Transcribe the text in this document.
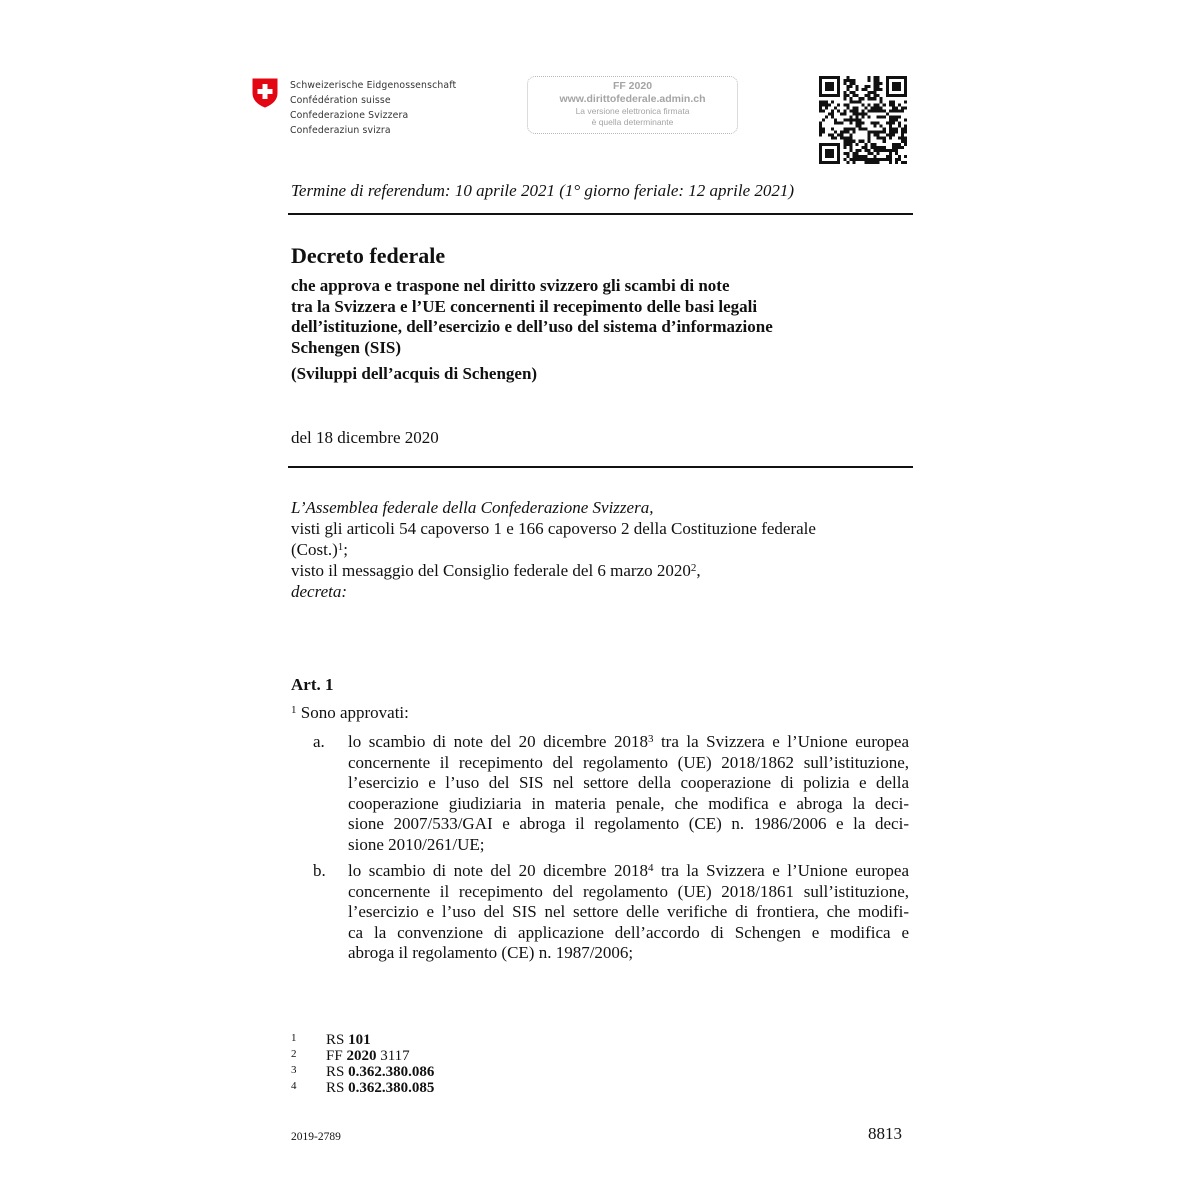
Schweizerische Eidgenossenschaft
Confédération suisse
Confederazione Svizzera
Confederaziun svizra
FF 2020
www.dirittofederale.admin.ch
La versione elettronica firmata
è quella determinante
Termine di referendum: 10 aprile 2021 (1° giorno feriale: 12 aprile 2021)
Decreto federale
che approva e traspone nel diritto svizzero gli scambi di note
tra la Svizzera e l’UE concernenti il recepimento delle basi legali
dell’istituzione, dell’esercizio e dell’uso del sistema d’informazione
Schengen (SIS)
(Sviluppi dell’acquis di Schengen)
del 18 dicembre 2020
L’Assemblea federale della Confederazione Svizzera,
visti gli articoli 54 capoverso 1 e 166 capoverso 2 della Costituzione federale
(Cost.)$^1$;
visto il messaggio del Consiglio federale del 6 marzo 2020$^2$,
decreta:
Art. 1
$^1$ Sono approvati:
a. lo scambio di note del 20 dicembre 2018$^3$ tra la Svizzera e l’Unione europea
concernente il recepimento del regolamento (UE) 2018/1862 sull’istituzione,
l’esercizio e l’uso del SIS nel settore della cooperazione di polizia e della
cooperazione giudiziaria in materia penale, che modifica e abroga la deci-
sione 2007/533/GAI e abroga il regolamento (CE) n. 1986/2006 e la deci-
sione 2010/261/UE;
b. lo scambio di note del 20 dicembre 2018$^4$ tra la Svizzera e l’Unione europea
concernente il recepimento del regolamento (UE) 2018/1861 sull’istituzione,
l’esercizio e l’uso del SIS nel settore delle verifiche di frontiera, che modifi-
ca la convenzione di applicazione dell’accordo di Schengen e modifica e
abroga il regolamento (CE) n. 1987/2006;
1	RS 101
2	FF 2020 3117
3	RS 0.362.380.086
4	RS 0.362.380.085
2019-2789	8813
